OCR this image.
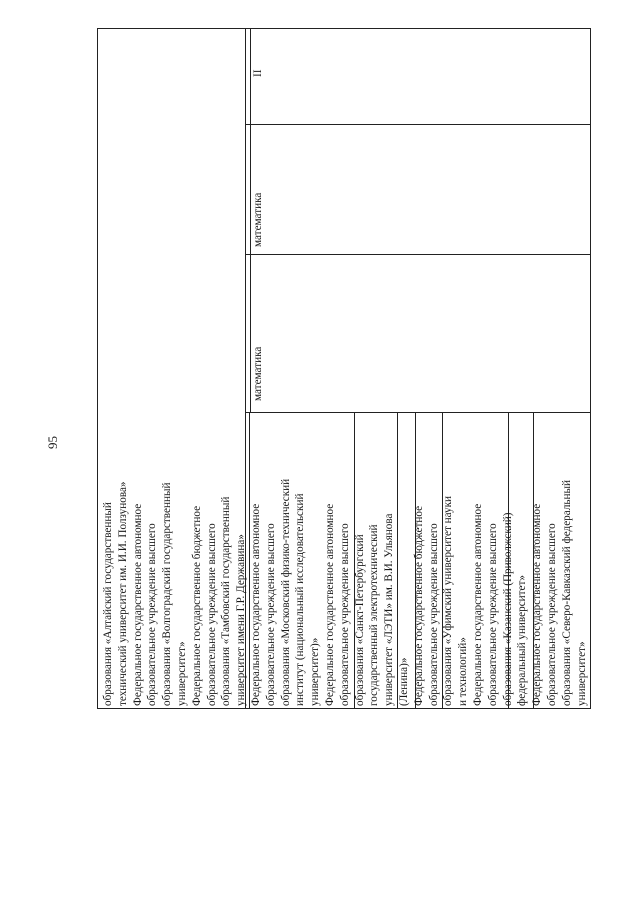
95
образования «Алтайский государственный технический университет им. И.И. Ползунова» Федеральное государственное автономное образовательное учреждение высшего образования «Волгоградский государственный университет» Федеральное государственное бюджетное образовательное учреждение высшего образования «Тамбовский государственный университет имени Г.Р. Державина» Федеральное государственное автономное образовательное учреждение высшего образования «Московский физико-технический институт (национальный исследовательский университет)» Федеральное государственное автономное образовательное учреждение высшего образования «Санкт-Петербургский государственный электротехнический университет «ЛЭТИ» им. В.И. Ульянова (Ленина)» Федеральное государственное бюджетное образовательное учреждение высшего образования «Уфимский университет науки и технологий» Федеральное государственное автономное образовательное учреждение высшего образования «Казанский (Приволжский) федеральный университет» Федеральное государственное автономное образовательное учреждение высшего образования «Северо-Кавказский федеральный университет»
математика
математика
II
